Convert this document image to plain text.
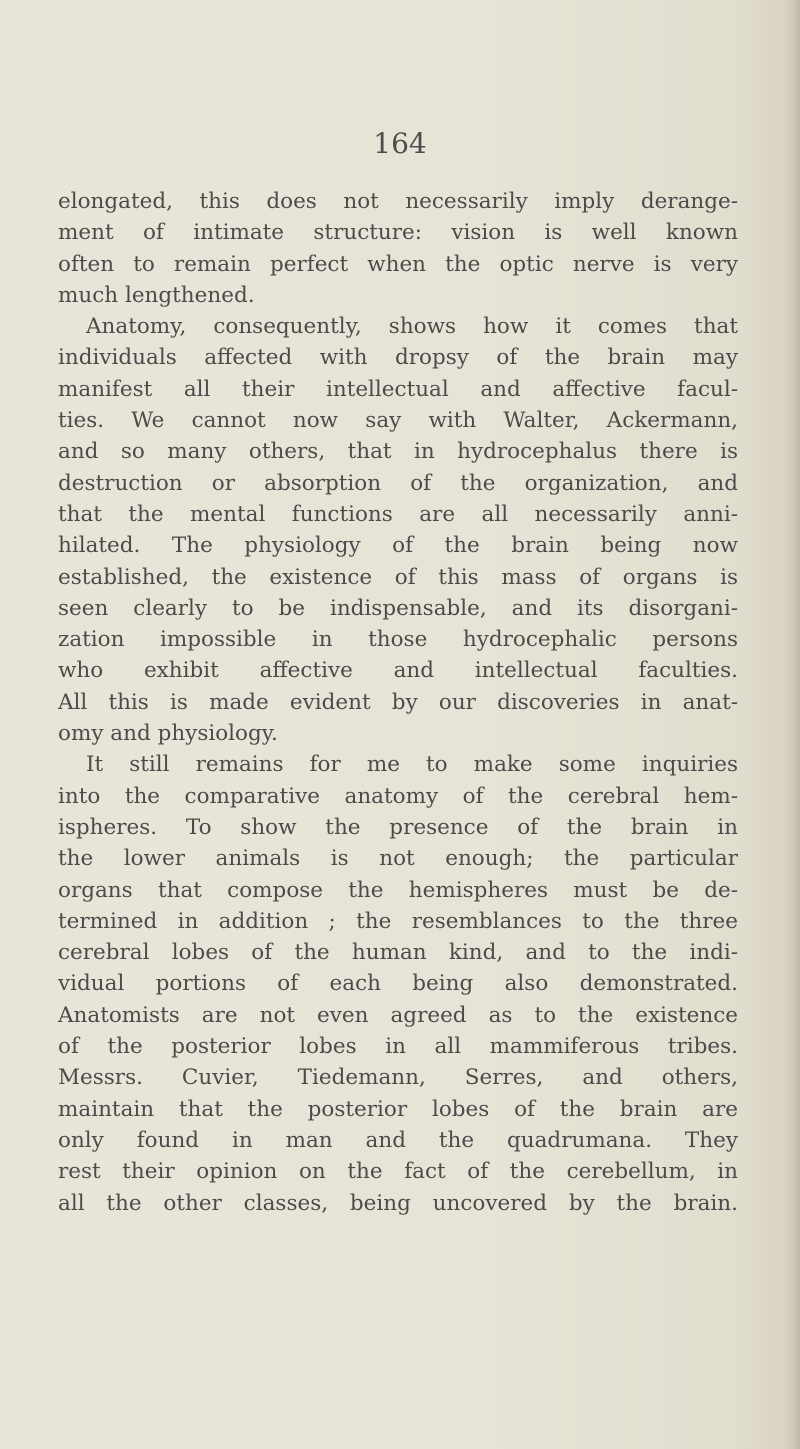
164
elongated, this does not necessarily imply derange-
ment of intimate structure: vision is well known
often to remain perfect when the optic nerve is very
much lengthened.
Anatomy, consequently, shows how it comes that
individuals affected with dropsy of the brain may
manifest all their intellectual and affective facul-
ties. We cannot now say with Walter, Ackermann,
and so many others, that in hydrocephalus there is
destruction or absorption of the organization, and
that the mental functions are all necessarily anni-
hilated. The physiology of the brain being now
established, the existence of this mass of organs is
seen clearly to be indispensable, and its disorgani-
zation impossible in those hydrocephalic persons
who exhibit affective and intellectual faculties.
All this is made evident by our discoveries in anat-
omy and physiology.
It still remains for me to make some inquiries
into the comparative anatomy of the cerebral hem-
ispheres. To show the presence of the brain in
the lower animals is not enough; the particular
organs that compose the hemispheres must be de-
termined in addition ; the resemblances to the three
cerebral lobes of the human kind, and to the indi-
vidual portions of each being also demonstrated.
Anatomists are not even agreed as to the existence
of the posterior lobes in all mammiferous tribes.
Messrs. Cuvier, Tiedemann, Serres, and others,
maintain that the posterior lobes of the brain are
only found in man and the quadrumana. They
rest their opinion on the fact of the cerebellum, in
all the other classes, being uncovered by the brain.
